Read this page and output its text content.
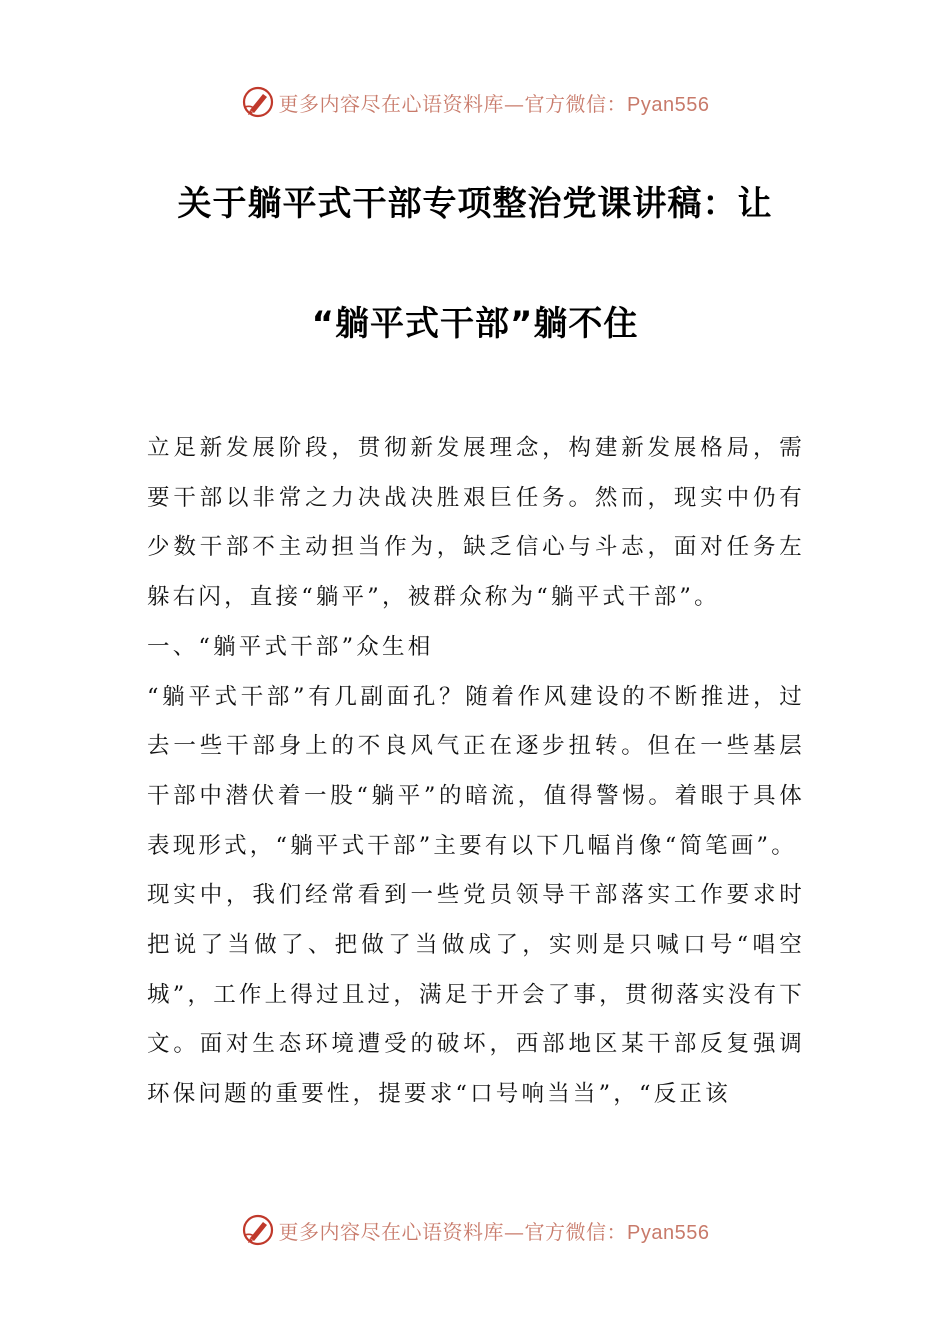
更多内容尽在心语资料库—官方微信：Pyan556
关于躺平式干部专项整治党课讲稿：让
“躺平式干部”躺不住

立足新发展阶段，贯彻新发展理念，构建新发展格局，需要干部以非常之力决战决胜艰巨任务。然而，现实中仍有少数干部不主动担当作为，缺乏信心与斗志，面对任务左躲右闪，直接“躺平”，被群众称为“躺平式干部”。

一、“躺平式干部”众生相

“躺平式干部”有几副面孔？随着作风建设的不断推进，过去一些干部身上的不良风气正在逐步扭转。但在一些基层干部中潜伏着一股“躺平”的暗流，值得警惕。着眼于具体表现形式，“躺平式干部”主要有以下几幅肖像“简笔画”。

现实中，我们经常看到一些党员领导干部落实工作要求时把说了当做了、把做了当做成了，实则是只喊口号“唱空城”，工作上得过且过，满足于开会了事，贯彻落实没有下文。面对生态环境遭受的破坏，西部地区某干部反复强调环保问题的重要性，提要求“口号响当当”，“反正该

更多内容尽在心语资料库—官方微信：Pyan556
